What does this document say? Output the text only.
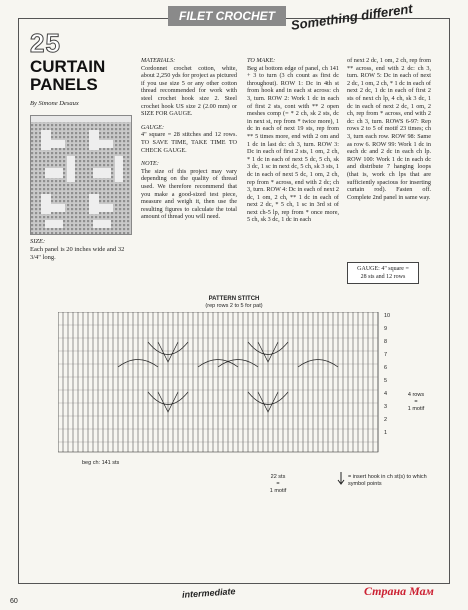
FILET CROCHET	Something different
25
CURTAIN
PANELS
By Simone Desaux
SIZE:
Each panel is 20 inches wide and 32 3/4" long.

MATERIALS:
Cordonnet crochet cotton, white, about 2,250 yds for project as pictured if you use size 5 or any other cotton thread recommended for work with steel crochet hook size 2. Steel crochet hook US size 2 (2.00 mm) or SIZE FOR GAUGE.

GAUGE:
4" square = 28 stitches and 12 rows. TO SAVE TIME, TAKE TIME TO CHECK GAUGE.

NOTE:
The size of this project may vary depending on the quality of thread used. We therefore recommend that you make a good-sized test piece, measure and weigh it, then use the resulting figures to calculate the total amount of thread you will need.

TO MAKE:
Beg at bottom edge of panel, ch 141 + 3 to turn (3 ch count as first dc throughout). ROW 1: Dc in 4th st from hook and in each st across: ch 3, turn. ROW 2: Work 1 dc in each of first 2 sts, cont with ** 2 open meshes comp (= * 2 ch, sk 2 sts, dc in next st, rep from * twice more), 1 dc in each of next 19 sts, rep from ** 5 times more, end with 2 om and 1 dc in last dc: ch 3, turn. ROW 3: Dc in each of first 2 sts, 1 om, 2 ch, * 1 dc in each of next 5 dc, 5 ch, sk 3 dc, 1 sc in next dc, 5 ch, sk 3 sts, 1 dc in each of next 5 dc, 1 om, 2 ch, rep from * across, end with 2 dc; ch 3, turn. ROW 4: Dc in each of next 2 dc, 1 om, 2 ch, ** 1 dc in each of next 2 dc, * 5 ch, 1 sc in 3rd st of next ch-5 lp, rep from * once more, 5 ch, sk 3 dc, 1 dc in each

of next 2 dc, 1 om, 2 ch, rep from ** across, end with 2 dc: ch 3, turn. ROW 5: Dc in each of next 2 dc, 1 om, 2 ch, * 1 dc in each of next 2 dc, 1 dc in each of first 2 sts of next ch lp, 4 ch, sk 3 dc, 1 dc in each of next 2 dc, 1 om, 2 ch, rep from * across, end with 2 dc: ch 3, turn. ROWS 6-97: Rep rows 2 to 5 of motif 23 times; ch 3, turn each row. ROW 98: Same as row 6. ROW 99: Work 1 dc in each dc and 2 dc in each ch lp. ROW 100: Work 1 dc in each dc and distribute 7 hanging loops (that is, work ch lps that are sufficiently spacious for inserting curtain rod). Fasten off. Complete 2nd panel in same way.

GAUGE: 4" square =
28 sts and 12 rows
PATTERN STITCH
(rep rows 2 to 5 for pat)
10
9
8
7
6
5
4
3
2
1
4 rows
=
1 motif
beg ch: 141 sts
22 sts
=
1 motif
= insert hook in ch st(s) to which symbol points
intermediate
60
Страна Мам
